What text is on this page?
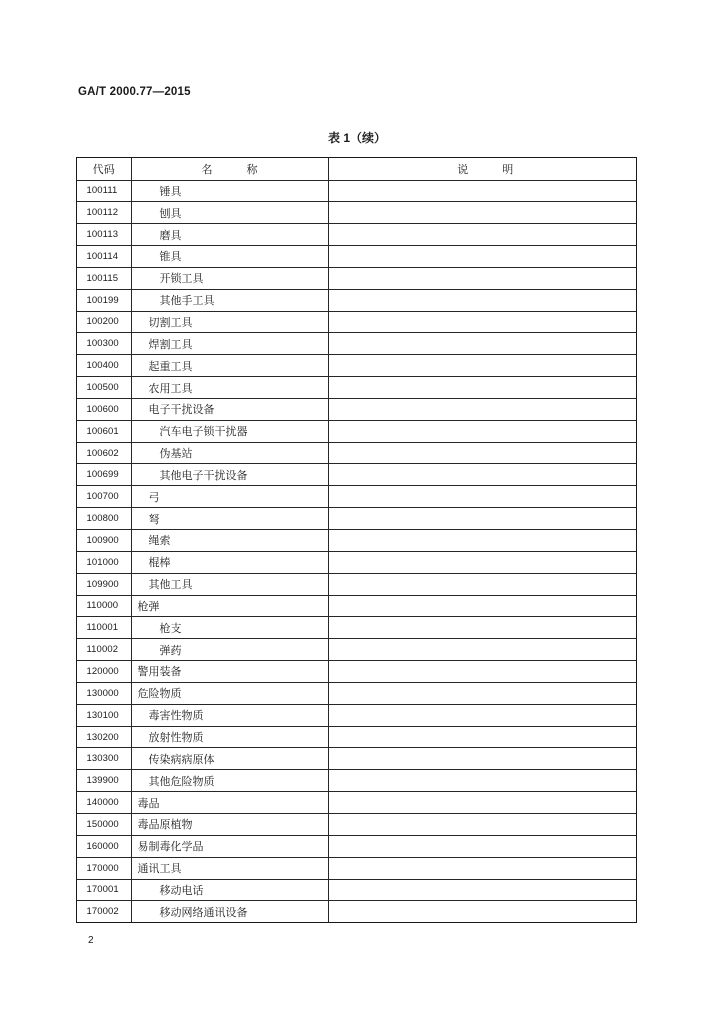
GA/T 2000.77—2015
表 1（续）
代码	名 称	说 明
100111	锤具
100112	刨具
100113	磨具
100114	锥具
100115	开锁工具
100199	其他手工具
100200	切割工具
100300	焊割工具
100400	起重工具
100500	农用工具
100600	电子干扰设备
100601	汽车电子锁干扰器
100602	伪基站
100699	其他电子干扰设备
100700	弓
100800	弩
100900	绳索
101000	棍棒
109900	其他工具
110000	枪弹
110001	枪支
110002	弹药
120000	警用装备
130000	危险物质
130100	毒害性物质
130200	放射性物质
130300	传染病病原体
139900	其他危险物质
140000	毒品
150000	毒品原植物
160000	易制毒化学品
170000	通讯工具
170001	移动电话
170002	移动网络通讯设备
2
